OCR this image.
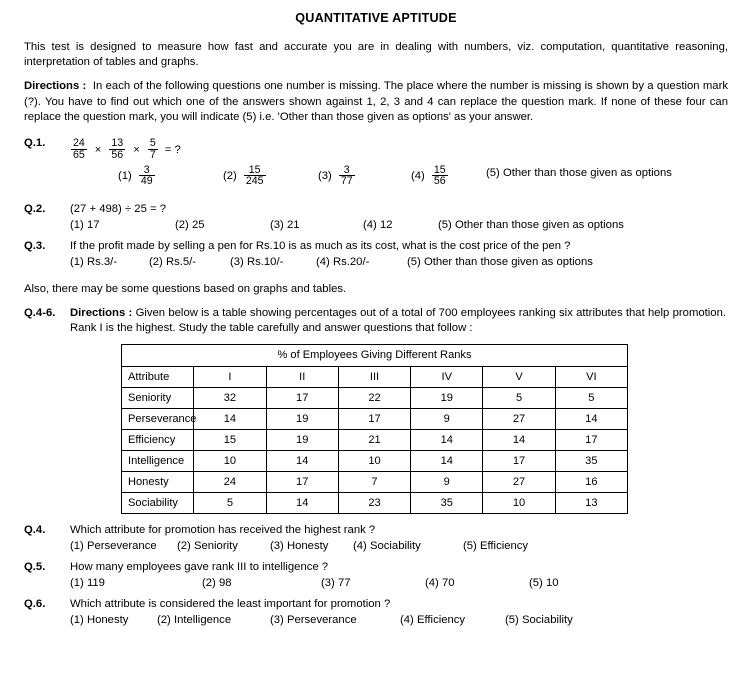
QUANTITATIVE APTITUDE

This test is designed to measure how fast and accurate you are in dealing with numbers, viz. computation, quantitative reasoning, interpretation of tables and graphs.

Directions : In each of the following questions one number is missing. The place where the number is missing is shown by a question mark (?). You have to find out which one of the answers shown against 1, 2, 3 and 4 can replace the question mark. If none of these four can replace the question mark, you will indicate (5) i.e. 'Other than those given as options' as your answer.

Q.1.	$\frac{24}{65} \times \frac{13}{56} \times \frac{5}{7}$ = ?
$(1) \frac{3}{49}$	$(2) \frac{15}{245}$	$(3) \frac{3}{77}$	$(4) \frac{15}{56}$	(5) Other than those given as options
Q.2.	(27 + 498) ÷ 25 = ?
(1) 17	(2) 25	(3) 21	(4) 12	(5) Other than those given as options
Q.3.	If the profit made by selling a pen for Rs.10 is as much as its cost, what is the cost price of the pen ?
(1) Rs.3/-	(2) Rs.5/-	(3) Rs.10/-	(4) Rs.20/-	(5) Other than those given as options

Also, there may be some questions based on graphs and tables.

Q.4-6.	Directions : Given below is a table showing percentages out of a total of 700 employees ranking six attributes that help promotion. Rank I is the highest. Study the table carefully and answer questions that follow :
% of Employees Giving Different Ranks						
Attribute	I	II	III	IV	V	VI
Seniority	32	17	22	19	5	5
Perseverance	14	19	17	9	27	14
Efficiency	15	19	21	14	14	17
Intelligence	10	14	10	14	17	35
Honesty	24	17	7	9	27	16
Sociability	5	14	23	35	10	13
Q.4.	Which attribute for promotion has received the highest rank ?
(1) Perseverance (2) Seniority	(3) Honesty (4) Sociability	(5) Efficiency
Q.5.	How many employees gave rank III to intelligence ?
(1) 119	(2) 98	(3) 77	(4) 70	(5) 10
Q.6.	Which attribute is considered the least important for promotion ?
(1) Honesty	(2) Intelligence	(3) Perseverance	(4) Efficiency	(5) Sociability
